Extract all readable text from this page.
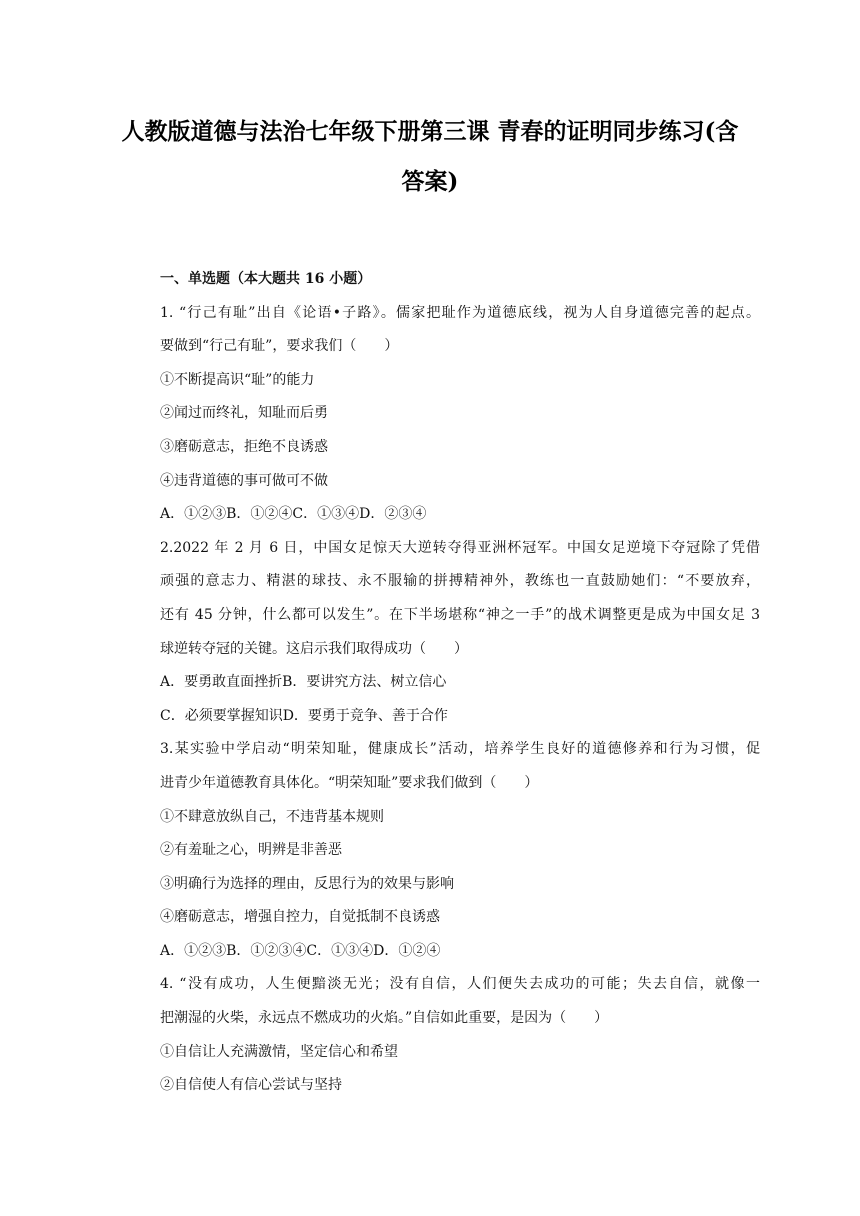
人教版道德与法治七年级下册第三课 青春的证明同步练习(含
答案)
一、单选题（本大题共 16 小题）
1. “行己有耻”出自《论语•子路》。儒家把耻作为道德底线，视为人自身道德完善的起点。
要做到“行己有耻”，要求我们（　　）
①不断提高识“耻”的能力
②闻过而终礼，知耻而后勇
③磨砺意志，拒绝不良诱惑
④违背道德的事可做可不做
A．①②③B．①②④C．①③④D．②③④
2.2022 年 2 月 6 日，中国女足惊天大逆转夺得亚洲杯冠军。中国女足逆境下夺冠除了凭借
顽强的意志力、精湛的球技、永不服输的拼搏精神外，教练也一直鼓励她们：“不要放弃，
还有 45 分钟，什么都可以发生”。在下半场堪称“神之一手”的战术调整更是成为中国女足 3
球逆转夺冠的关键。这启示我们取得成功（　　）
A．要勇敢直面挫折B．要讲究方法、树立信心
C．必须要掌握知识D．要勇于竞争、善于合作
3.某实验中学启动“明荣知耻，健康成长”活动，培养学生良好的道德修养和行为习惯，促
进青少年道德教育具体化。“明荣知耻”要求我们做到（　　）
①不肆意放纵自己，不违背基本规则
②有羞耻之心，明辨是非善恶
③明确行为选择的理由，反思行为的效果与影响
④磨砺意志，增强自控力，自觉抵制不良诱惑
A．①②③B．①②③④C．①③④D．①②④
4. “没有成功，人生便黯淡无光；没有自信，人们便失去成功的可能；失去自信，就像一
把潮湿的火柴，永远点不燃成功的火焰。”自信如此重要，是因为（　　）
①自信让人充满激情，坚定信心和希望
②自信使人有信心尝试与坚持
